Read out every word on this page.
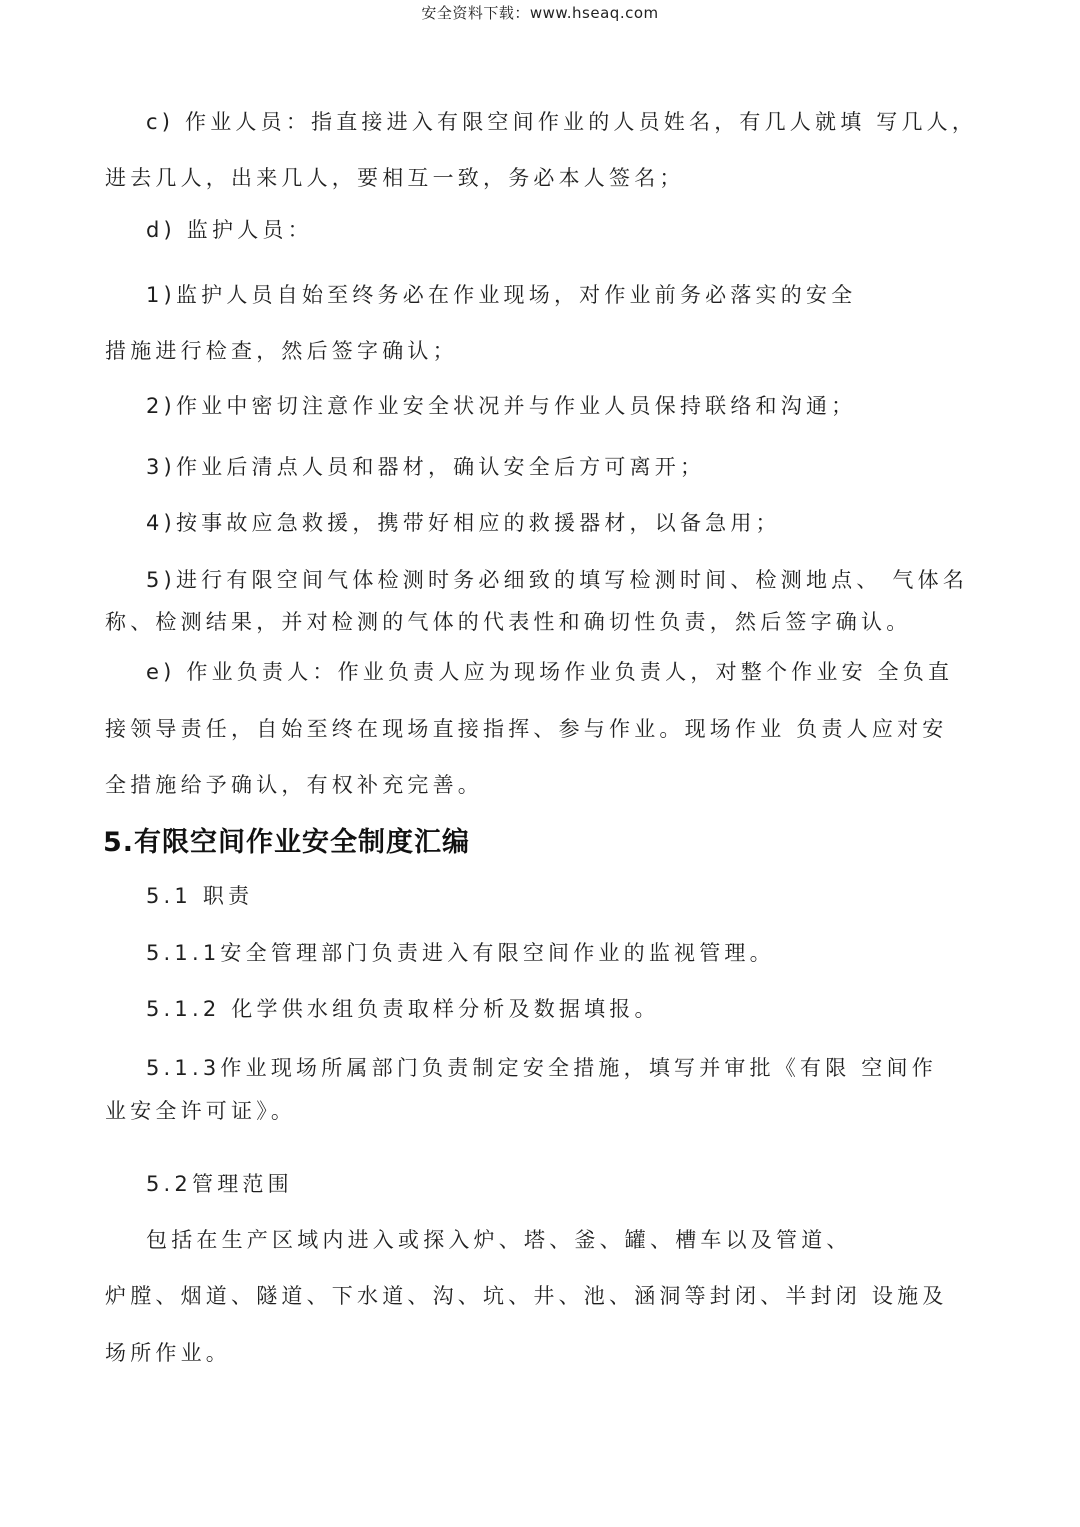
安全资料下载：www.hseaq.com
c) 作业人员：指直接进入有限空间作业的人员姓名，有几人就填 写几人，
进去几人，出来几人，要相互一致，务必本人签名；
d) 监护人员：
1)监护人员自始至终务必在作业现场，对作业前务必落实的安全
措施进行检查，然后签字确认；
2)作业中密切注意作业安全状况并与作业人员保持联络和沟通；
3)作业后清点人员和器材，确认安全后方可离开；
4)按事故应急救援，携带好相应的救援器材，以备急用；
5)进行有限空间气体检测时务必细致的填写检测时间、检测地点、 气体名
称、检测结果，并对检测的气体的代表性和确切性负责，然后签字确认。
e) 作业负责人：作业负责人应为现场作业负责人，对整个作业安 全负直
接领导责任，自始至终在现场直接指挥、参与作业。现场作业 负责人应对安
全措施给予确认，有权补充完善。
5.有限空间作业安全制度汇编
5.1 职责
5.1.1安全管理部门负责进入有限空间作业的监视管理。
5.1.2 化学供水组负责取样分析及数据填报。
5.1.3作业现场所属部门负责制定安全措施，填写并审批《有限 空间作
业安全许可证》。
5.2管理范围
包括在生产区域内进入或探入炉、塔、釜、罐、槽车以及管道、
炉膛、烟道、隧道、下水道、沟、坑、井、池、涵洞等封闭、半封闭 设施及
场所作业。
